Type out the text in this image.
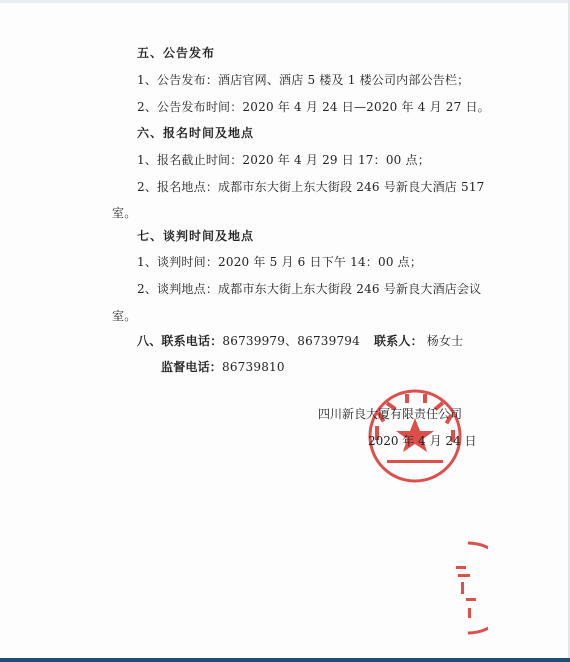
五、公告发布
1、公告发布：酒店官网、酒店 5 楼及 1 楼公司内部公告栏；
2、公告发布时间：2020 年 4 月 24 日—2020 年 4 月 27 日。
六、报名时间及地点
1、报名截止时间：2020 年 4 月 29 日 17：00 点；
2、报名地点：成都市东大街上东大街段 246 号新良大酒店 517
室。
七、谈判时间及地点
1、谈判时间：2020 年 5 月 6 日下午 14：00 点；
2、谈判地点：成都市东大街上东大街段 246 号新良大酒店会议
室。
八、联系电话：86739979、86739794 联系人： 杨女士
监督电话：86739810
四川新良大厦有限责任公司
2020 年 4 月 24 日
